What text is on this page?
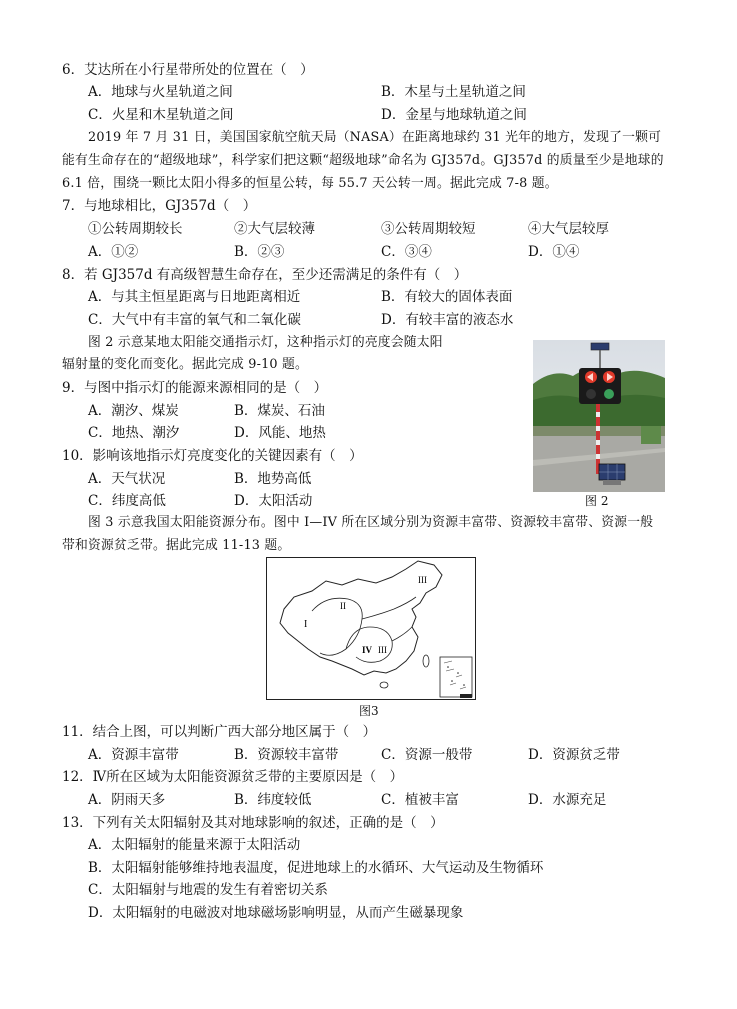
6．艾达所在小行星带所处的位置在（　）
A．地球与火星轨道之间	B．木星与土星轨道之间
C．火星和木星轨道之间	D．金星与地球轨道之间
2019 年 7 月 31 日，美国国家航空航天局（NASA）在距离地球约 31 光年的地方，发现了一颗可
能有生命存在的“超级地球”，科学家们把这颗“超级地球”命名为 GJ357d。GJ357d 的质量至少是地球的
6.1 倍，围绕一颗比太阳小得多的恒星公转，每 55.7 天公转一周。据此完成 7-8 题。
7．与地球相比，GJ357d（　）
①公转周期较长	②大气层较薄	③公转周期较短	④大气层较厚
A．①②	B．②③	C．③④	D．①④
8．若 GJ357d 有高级智慧生命存在，至少还需满足的条件有（　）
A．与其主恒星距离与日地距离相近	B．有较大的固体表面
C．大气中有丰富的氧气和二氧化碳	D．有较丰富的液态水
图 2 示意某地太阳能交通指示灯，这种指示灯的亮度会随太阳
辐射量的变化而变化。据此完成 9-10 题。
9．与图中指示灯的能源来源相同的是（　）
A．潮汐、煤炭	B．煤炭、石油
C．地热、潮汐	D．风能、地热
10．影响该地指示灯亮度变化的关键因素有（　）
A．天气状况	B．地势高低
C．纬度高低	D．太阳活动	图 2
图 3 示意我国太阳能资源分布。图中 I—IV 所在区域分别为资源丰富带、资源较丰富带、资源一般
带和资源贫乏带。据此完成 11-13 题。
I
II
III
IV III
图3
11．结合上图，可以判断广西大部分地区属于（　）
A．资源丰富带	B．资源较丰富带	C．资源一般带	D．资源贫乏带
12．Ⅳ所在区域为太阳能资源贫乏带的主要原因是（　）
A．阴雨天多	B．纬度较低	C．植被丰富	D．水源充足
13．下列有关太阳辐射及其对地球影响的叙述，正确的是（　）
A．太阳辐射的能量来源于太阳活动
B．太阳辐射能够维持地表温度，促进地球上的水循环、大气运动及生物循环
C．太阳辐射与地震的发生有着密切关系
D．太阳辐射的电磁波对地球磁场影响明显，从而产生磁暴现象
